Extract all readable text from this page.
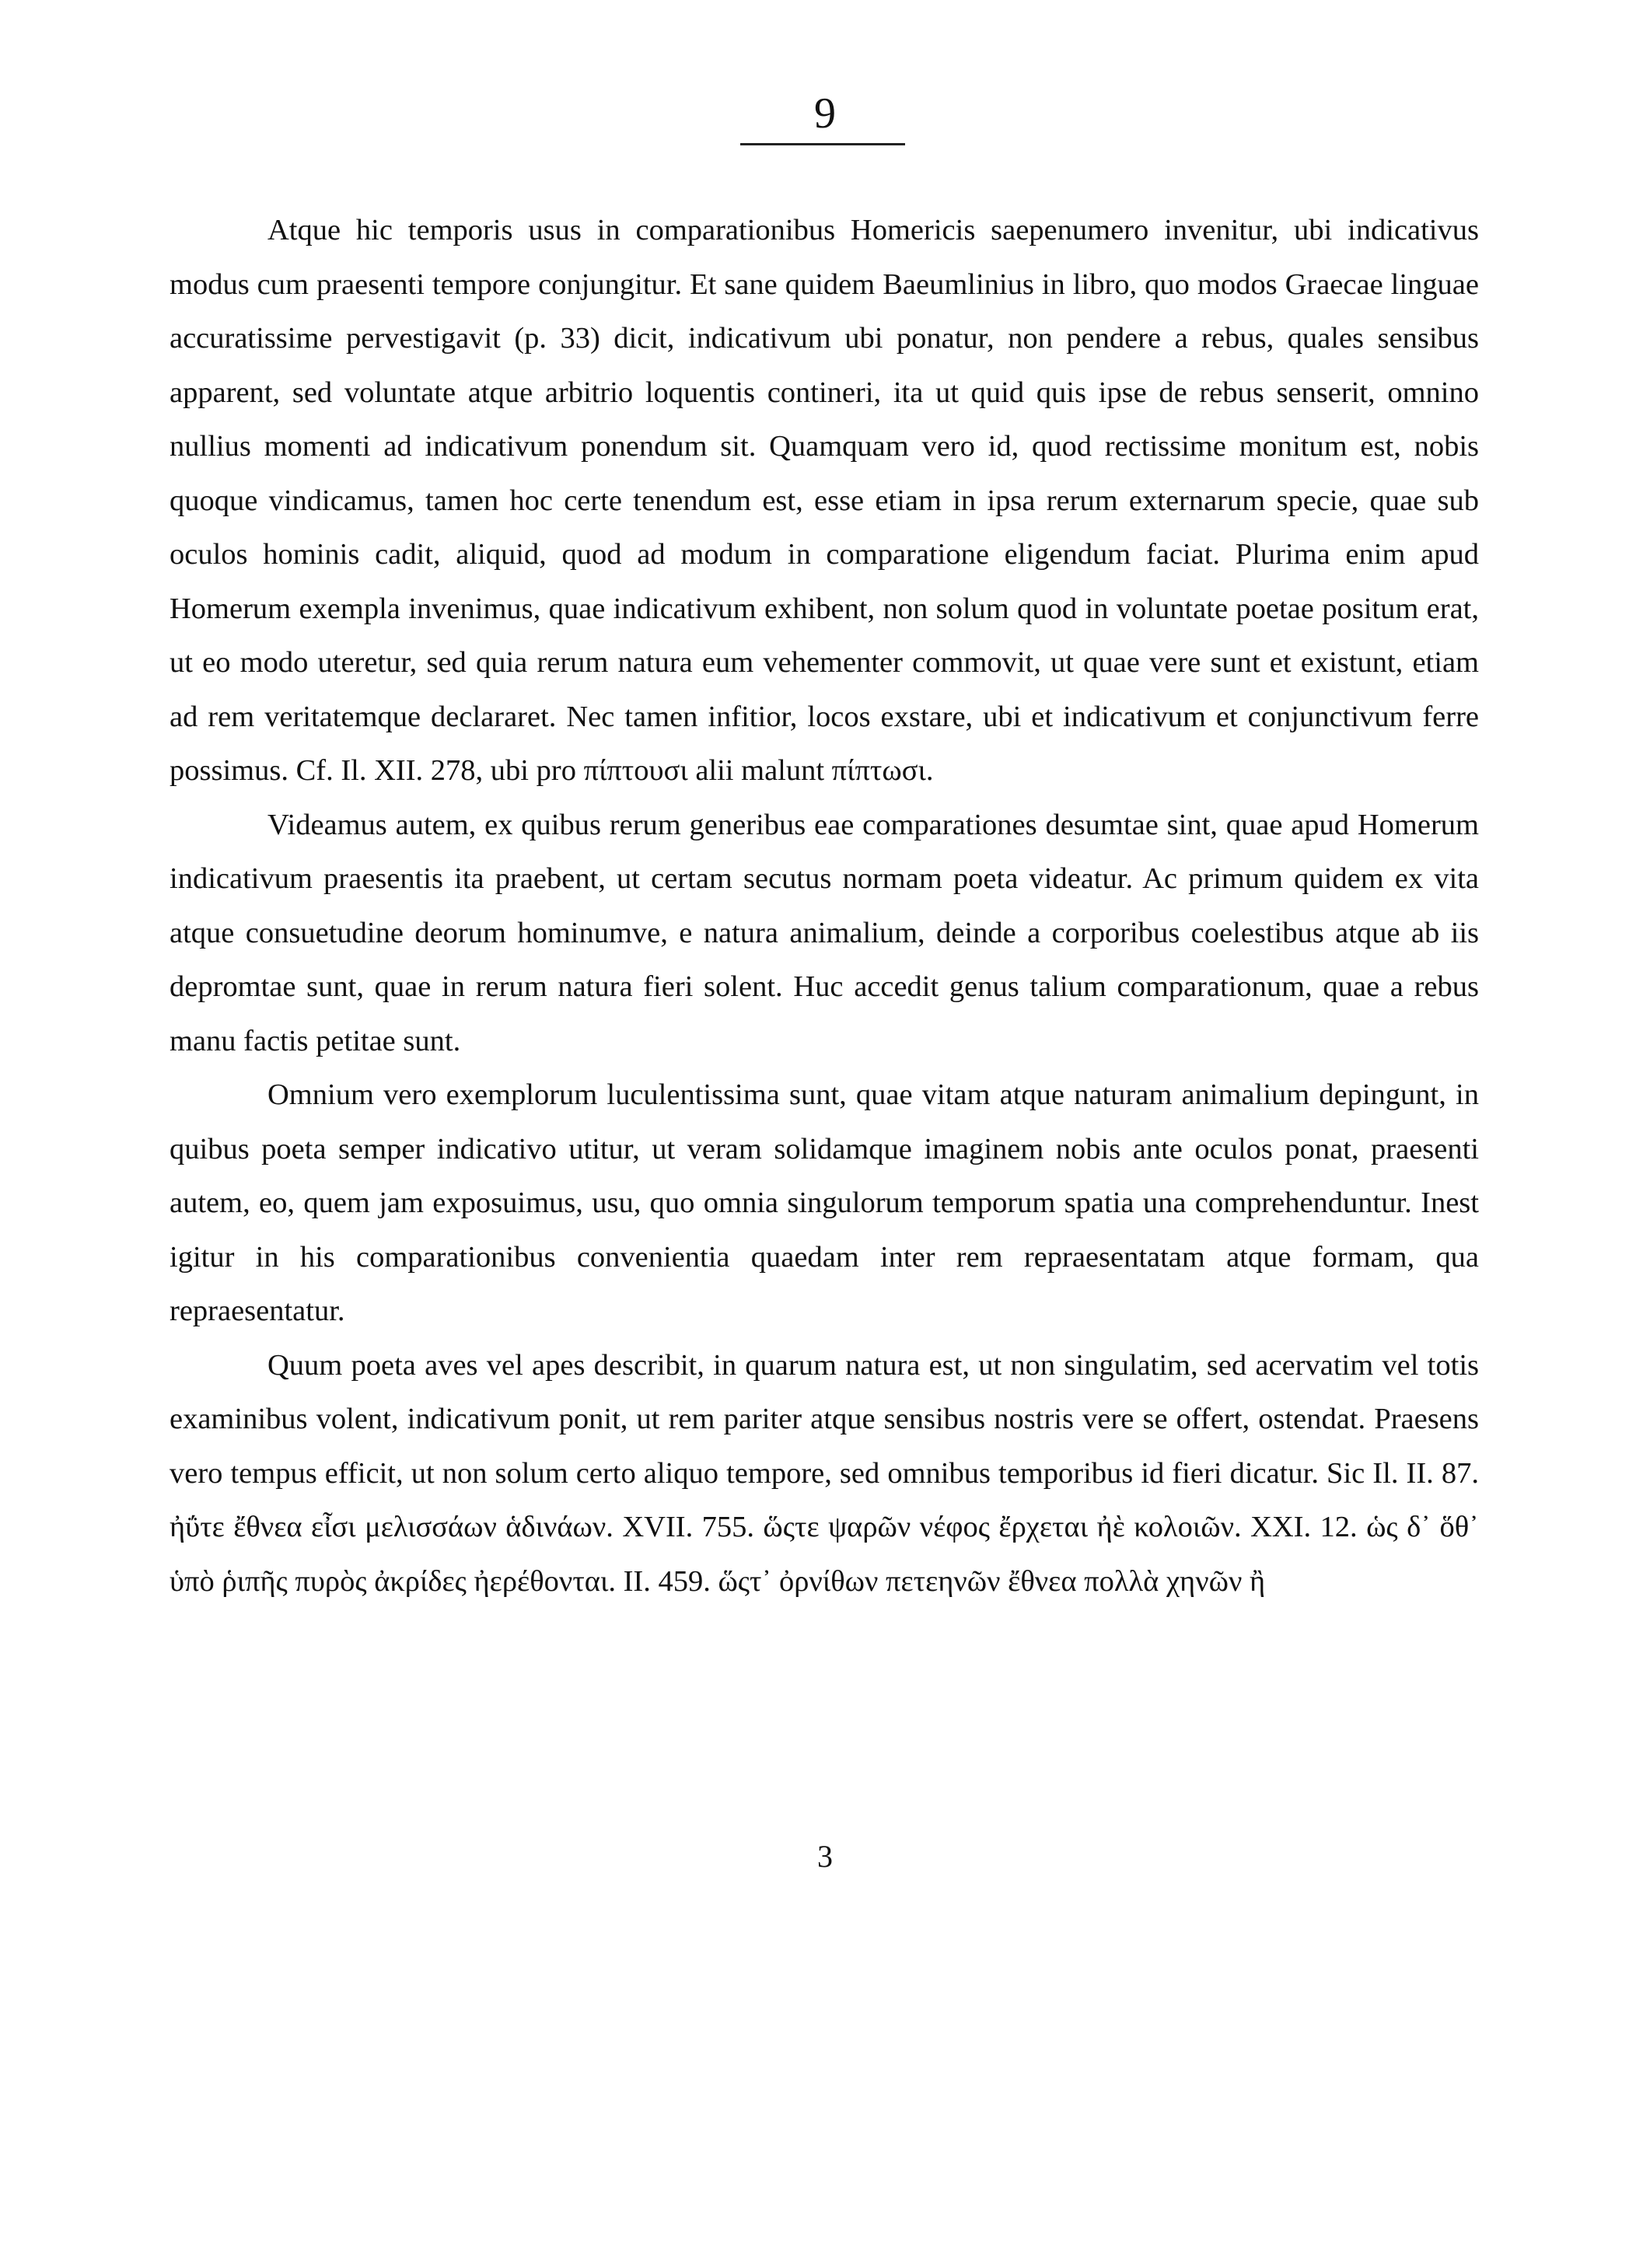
9

Atque hic temporis usus in comparationibus Homericis saepenumero invenitur, ubi indicativus modus cum praesenti tempore conjungitur. Et sane quidem Baeumlinius in libro, quo modos Graecae linguae accuratissime pervestigavit (p. 33) dicit, indicativum ubi ponatur, non pendere a rebus, quales sensibus apparent, sed voluntate atque arbitrio loquentis contineri, ita ut quid quis ipse de rebus senserit, omnino nullius momenti ad indicativum ponendum sit. Quamquam vero id, quod rectissime monitum est, nobis quoque vindicamus, tamen hoc certe tenendum est, esse etiam in ipsa rerum externarum specie, quae sub oculos hominis cadit, aliquid, quod ad modum in comparatione eligendum faciat. Plurima enim apud Homerum exempla invenimus, quae indicativum exhibent, non solum quod in voluntate poetae positum erat, ut eo modo uteretur, sed quia rerum natura eum vehementer commovit, ut quae vere sunt et existunt, etiam ad rem veritatemque declararet. Nec tamen infitior, locos exstare, ubi et indicativum et conjunctivum ferre possimus. Cf. Il. XII. 278, ubi pro πίπτουσι alii malunt πίπτωσι.

Videamus autem, ex quibus rerum generibus eae comparationes desumtae sint, quae apud Homerum indicativum praesentis ita praebent, ut certam secutus normam poeta videatur. Ac primum quidem ex vita atque consuetudine deorum hominumve, e natura animalium, deinde a corporibus coelestibus atque ab iis depromtae sunt, quae in rerum natura fieri solent. Huc accedit genus talium comparationum, quae a rebus manu factis petitae sunt.

Omnium vero exemplorum luculentissima sunt, quae vitam atque naturam animalium depingunt, in quibus poeta semper indicativo utitur, ut veram solidamque imaginem nobis ante oculos ponat, praesenti autem, eo, quem jam exposuimus, usu, quo omnia singulorum temporum spatia una comprehenduntur. Inest igitur in his comparationibus convenientia quaedam inter rem repraesentatam atque formam, qua repraesentatur.

Quum poeta aves vel apes describit, in quarum natura est, ut non singulatim, sed acervatim vel totis examinibus volent, indicativum ponit, ut rem pariter atque sensibus nostris vere se offert, ostendat. Praesens vero tempus efficit, ut non solum certo aliquo tempore, sed omnibus temporibus id fieri dicatur. Sic Il. II. 87. ἠΰτε ἔθνεα εἶσι μελισσάων ἁδινάων. XVII. 755. ὥςτε ψαρῶν νέφος ἔρχεται ἠὲ κολοιῶν. XXI. 12. ὡς δ᾽ ὅθ᾽ ὑπὸ ῥιπῆς πυρὸς ἀκρίδες ἠερέθονται. II. 459. ὥςτ᾽ ὀρνίθων πετεηνῶν ἔθνεα πολλὰ χηνῶν ἢ

3
